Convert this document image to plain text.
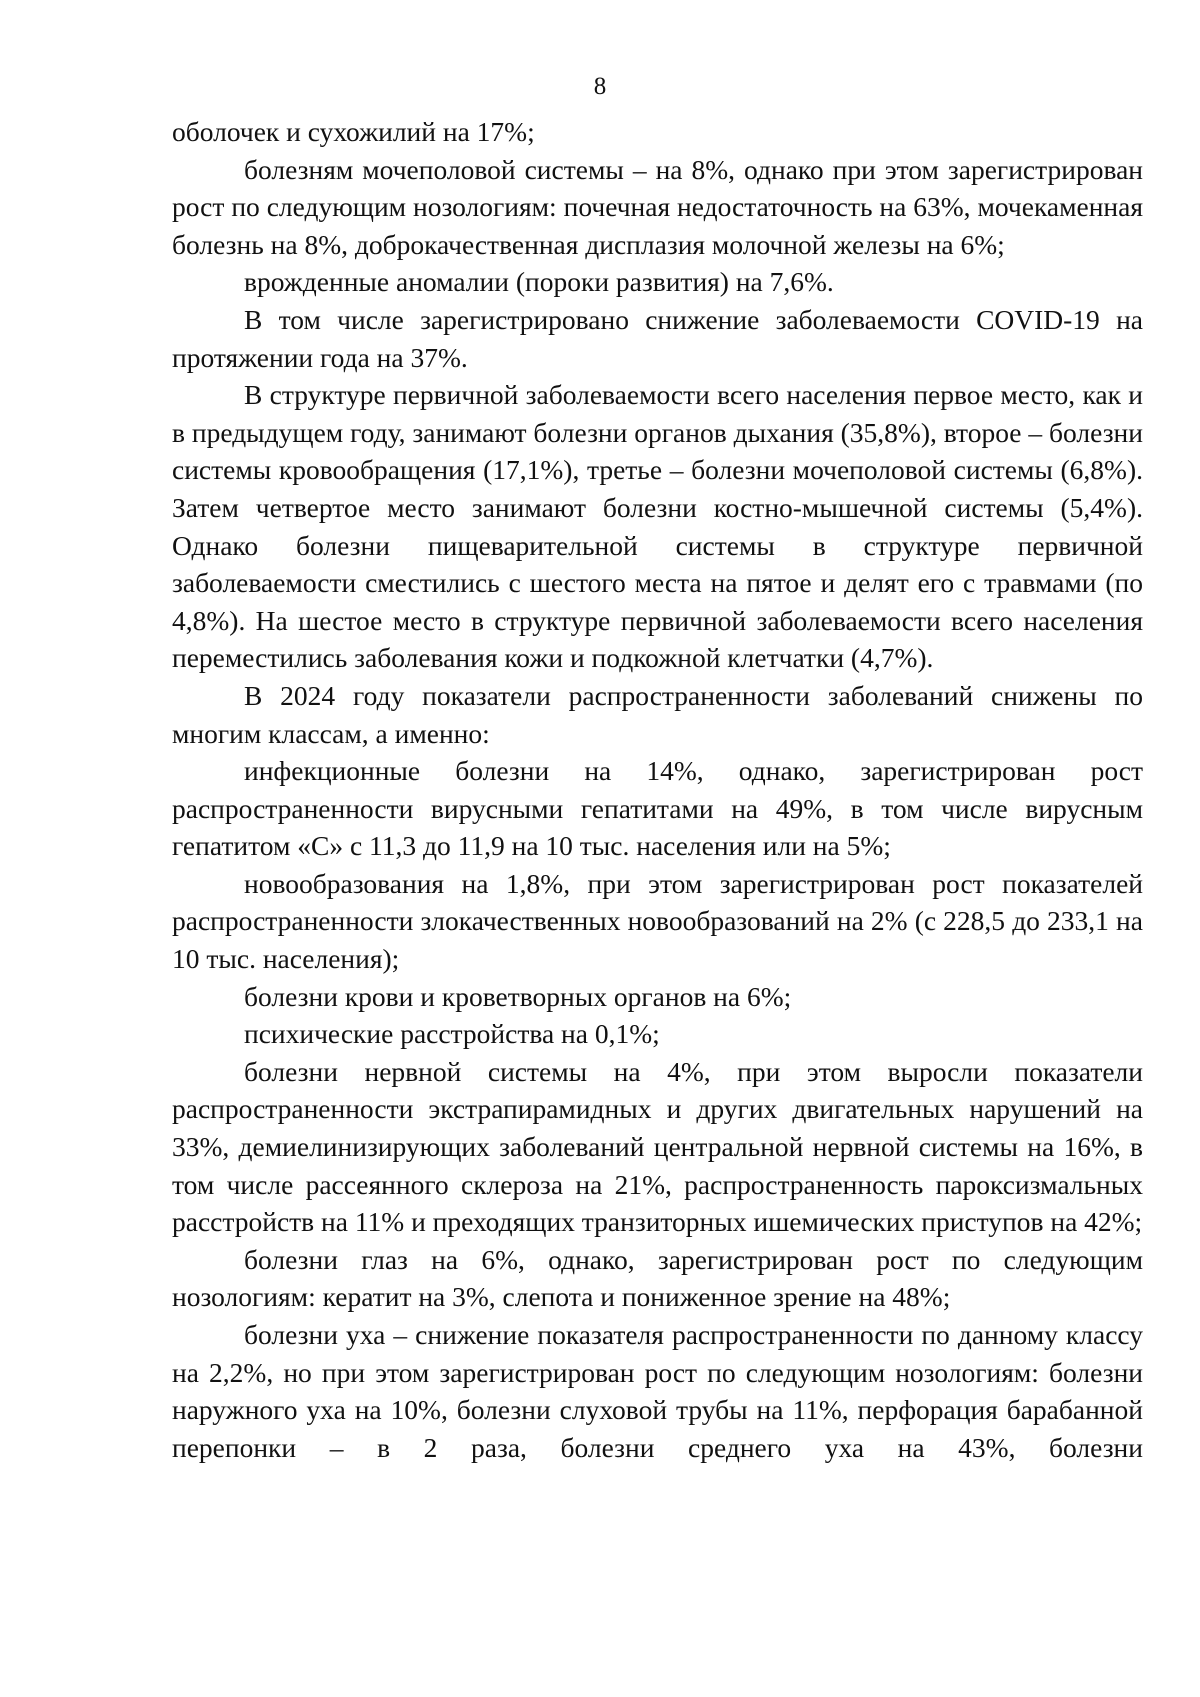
8

оболочек и сухожилий на 17%;

болезням мочеполовой системы – на 8%, однако при этом зарегистрирован рост по следующим нозологиям: почечная недостаточность на 63%, мочекаменная болезнь на 8%, доброкачественная дисплазия молочной железы на 6%;

врожденные аномалии (пороки развития) на 7,6%.

В том числе зарегистрировано снижение заболеваемости COVID-19 на протяжении года на 37%.

В структуре первичной заболеваемости всего населения первое место, как и в предыдущем году, занимают болезни органов дыхания (35,8%), второе – болезни системы кровообращения (17,1%), третье – болезни мочеполовой системы (6,8%). Затем четвертое место занимают болезни костно-мышечной системы (5,4%). Однако болезни пищеварительной системы в структуре первичной заболеваемости сместились с шестого места на пятое и делят его с травмами (по 4,8%). На шестое место в структуре первичной заболеваемости всего населения переместились заболевания кожи и подкожной клетчатки (4,7%).

В 2024 году показатели распространенности заболеваний снижены по многим классам, а именно:

инфекционные болезни на 14%, однако, зарегистрирован рост распространенности вирусными гепатитами на 49%, в том числе вирусным гепатитом «С» с 11,3 до 11,9 на 10 тыс. населения или на 5%;

новообразования на 1,8%, при этом зарегистрирован рост показателей распространенности злокачественных новообразований на 2% (с 228,5 до 233,1 на 10 тыс. населения);

болезни крови и кроветворных органов на 6%;

психические расстройства на 0,1%;

болезни нервной системы на 4%, при этом выросли показатели распространенности экстрапирамидных и других двигательных нарушений на 33%, демиелинизирующих заболеваний центральной нервной системы на 16%, в том числе рассеянного склероза на 21%, распространенность пароксизмальных расстройств на 11% и преходящих транзиторных ишемических приступов на 42%;

болезни глаз на 6%, однако, зарегистрирован рост по следующим нозологиям: кератит на 3%, слепота и пониженное зрение на 48%;

болезни уха – снижение показателя распространенности по данному классу на 2,2%, но при этом зарегистрирован рост по следующим нозологиям: болезни наружного уха на 10%, болезни слуховой трубы на 11%, перфорация барабанной перепонки – в 2 раза, болезни среднего уха на 43%, болезни
